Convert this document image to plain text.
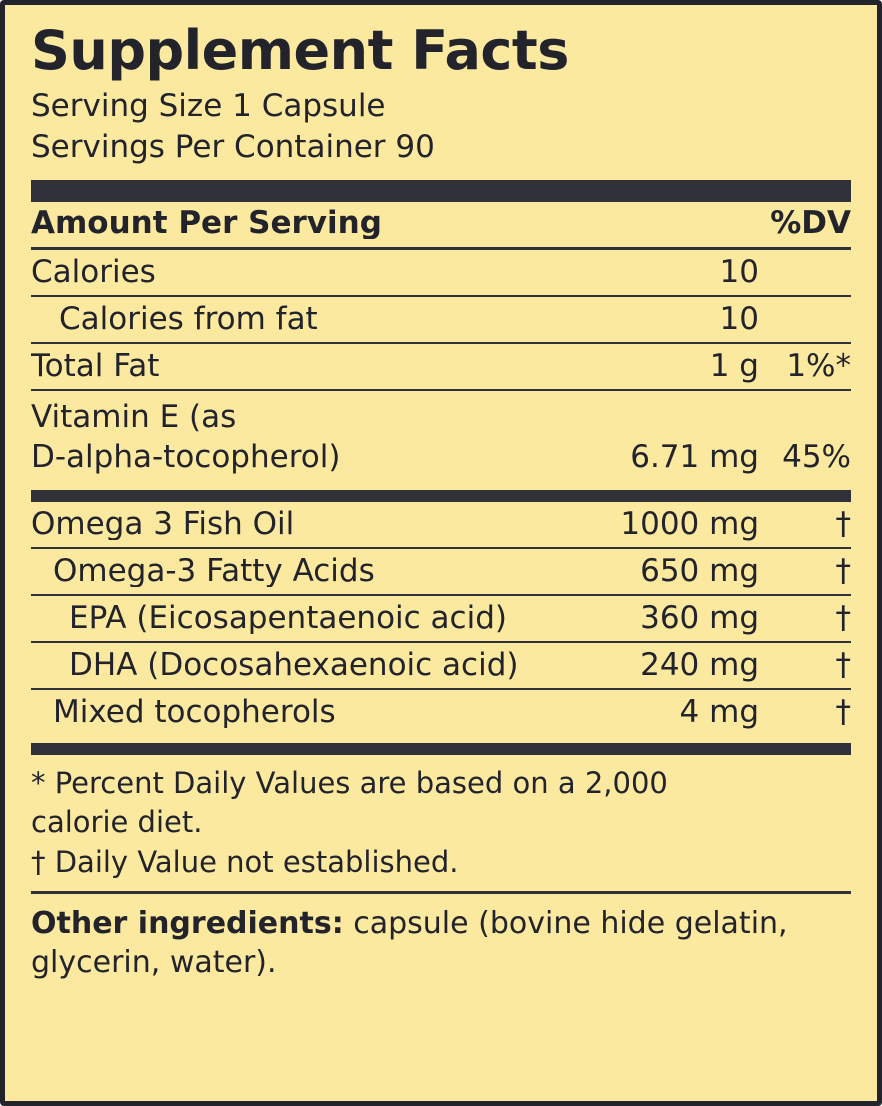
Supplement Facts
Serving Size 1 Capsule
Servings Per Container 90
Amount Per Serving	%DV
Calories	10
Calories from fat	10
Total Fat	1 g 1%*
Vitamin E (as
D-alpha-tocopherol)	6.71 mg 45%
Omega 3 Fish Oil	1000 mg	†
Omega-3 Fatty Acids	650 mg	†
EPA (Eicosapentaenoic acid)	360 mg	†
DHA (Docosahexaenoic acid)	240 mg	†
Mixed tocopherols	4 mg	†

* Percent Daily Values are based on a 2,000

calorie diet.

† Daily Value not established.

Other ingredients: capsule (bovine hide gelatin, glycerin, water).
